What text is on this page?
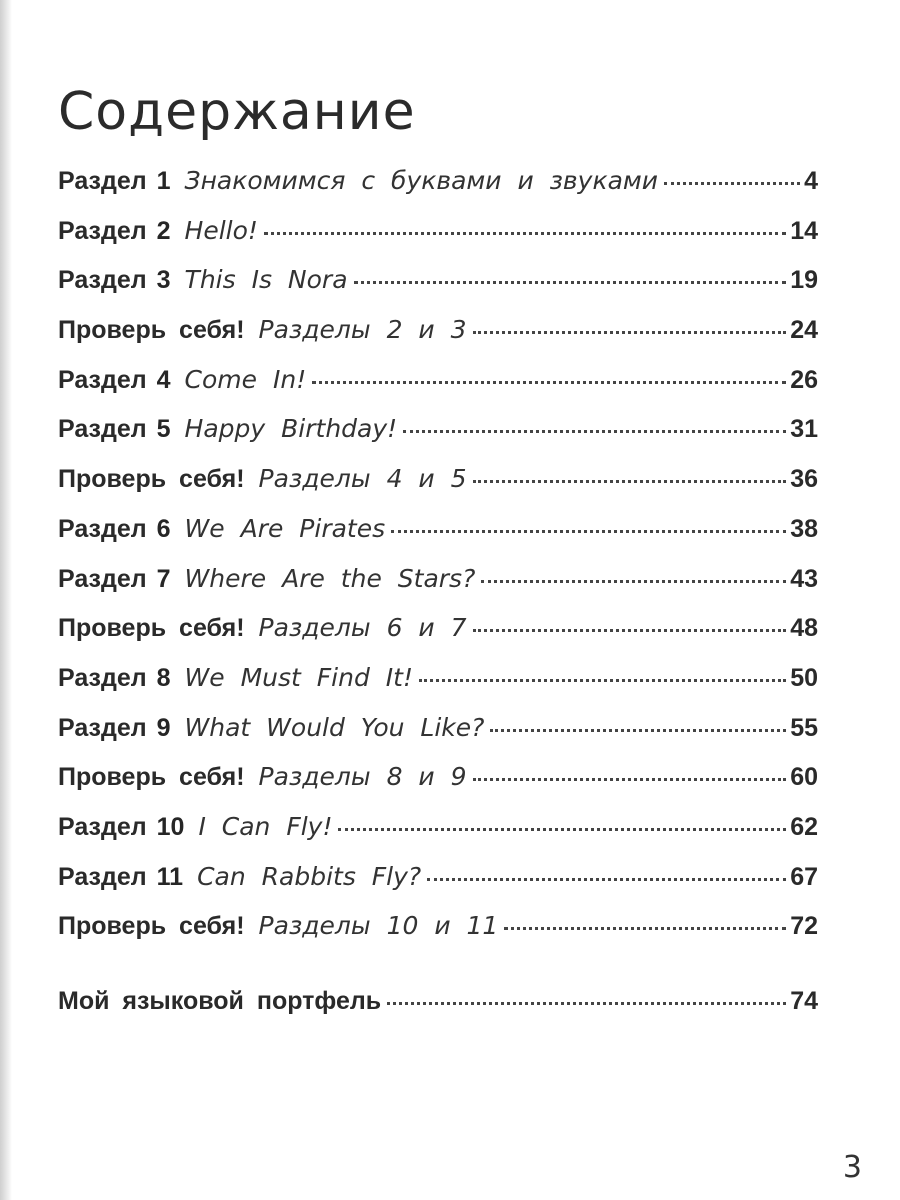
Содержание
Раздел 1 Знакомимся с буквами и звуками	4
Раздел 2 Hello!	14
Раздел 3 This Is Nora	19
Проверь себя! Разделы 2 и 3	24
Раздел 4 Come In!	26
Раздел 5 Happy Birthday!	31
Проверь себя! Разделы 4 и 5	36
Раздел 6 We Are Pirates	38
Раздел 7 Where Are the Stars?	43
Проверь себя! Разделы 6 и 7	48
Раздел 8 We Must Find It!	50
Раздел 9 What Would You Like?	55
Проверь себя! Разделы 8 и 9	60
Раздел 10 I Can Fly!	62
Раздел 11 Can Rabbits Fly?	67
Проверь себя! Разделы 10 и 11	72
Мой языковой портфель	74
3
